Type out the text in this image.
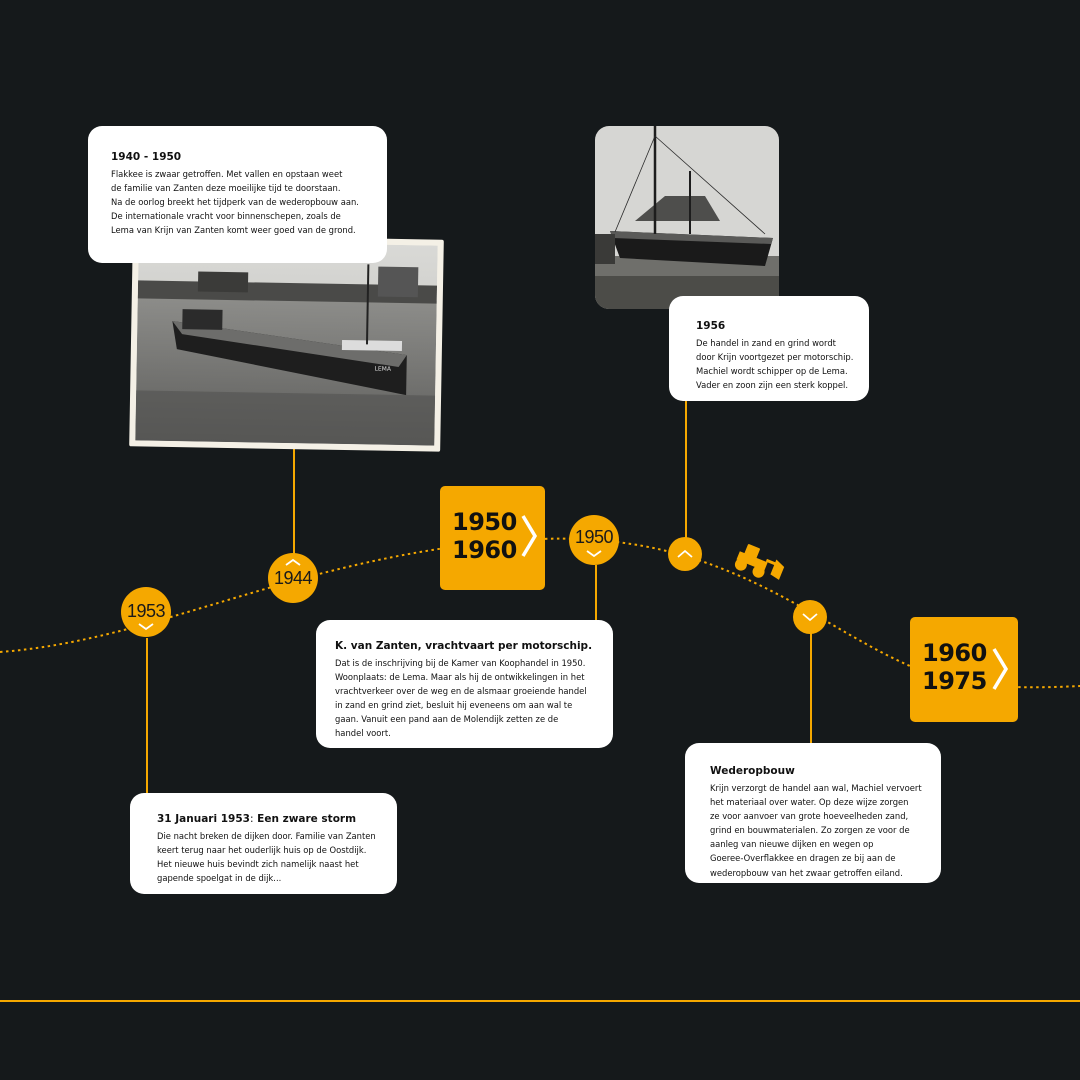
LEMA
1940 - 1950
Flakkee is zwaar getroffen. Met vallen en opstaan weet
de familie van Zanten deze moeilijke tijd te doorstaan.
Na de oorlog breekt het tijdperk van de wederopbouw aan.
De internationale vracht voor binnenschepen, zoals de
Lema van Krijn van Zanten komt weer goed van de grond.
1956
De handel in zand en grind wordt
door Krijn voortgezet per motorschip.
Machiel wordt schipper op de Lema.
Vader en zoon zijn een sterk koppel.
K. van Zanten, vrachtvaart per motorschip.
Dat is de inschrijving bij de Kamer van Koophandel in 1950.
Woonplaats: de Lema. Maar als hij de ontwikkelingen in het
vrachtverkeer over de weg en de alsmaar groeiende handel
in zand en grind ziet, besluit hij eveneens om aan wal te
gaan. Vanuit een pand aan de Molendijk zetten ze de
handel voort.
31 Januari 1953: Een zware storm
Die nacht breken de dijken door. Familie van Zanten
keert terug naar het ouderlijk huis op de Oostdijk.
Het nieuwe huis bevindt zich namelijk naast het
gapende spoelgat in de dijk...
Wederopbouw
Krijn verzorgt de handel aan wal, Machiel vervoert
het materiaal over water. Op deze wijze zorgen
ze voor aanvoer van grote hoeveelheden zand,
grind en bouwmaterialen. Zo zorgen ze voor de
aanleg van nieuwe dijken en wegen op
Goeree-Overflakkee en dragen ze bij aan de
wederopbouw van het zwaar getroffen eiland.
1953
1944
1950
1950
1960
1960
1975
